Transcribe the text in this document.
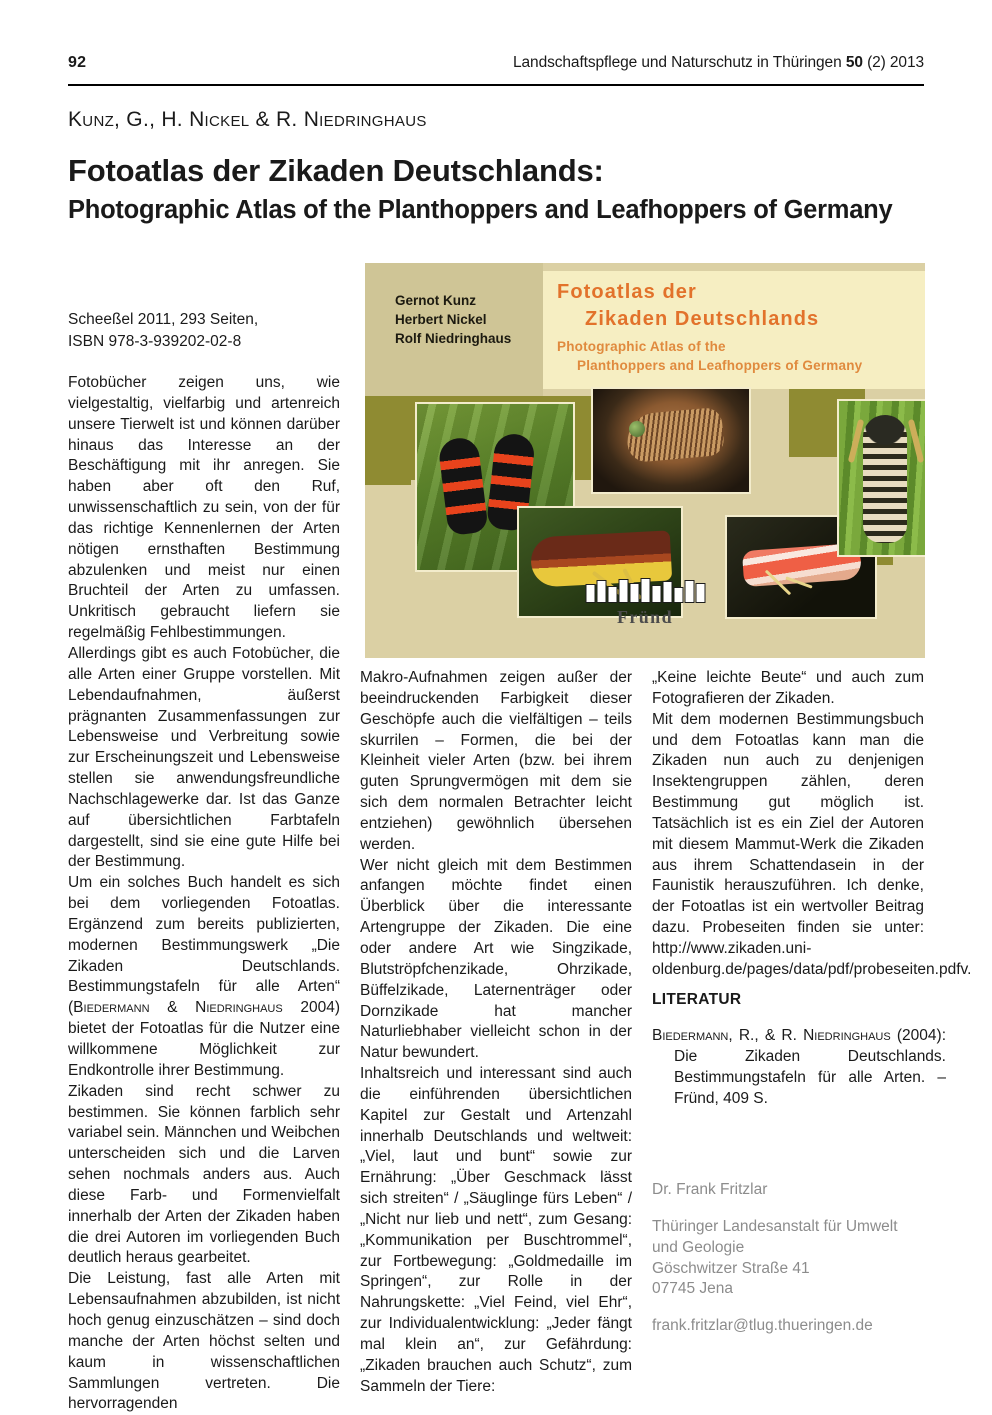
92	Landschaftspflege und Naturschutz in Thüringen 50 (2) 2013
Kunz, G., H. Nickel & R. Niedringhaus
Fotoatlas der Zikaden Deutschlands:
Photographic Atlas of the Planthoppers and Leafhoppers of Germany
Scheeßel 2011, 293 Seiten,
ISBN 978-3-939202-02-8
Fotoatlas der
Zikaden Deutschlands
Photographic Atlas of the
Planthoppers and Leafhoppers of Germany
Gernot Kunz
Herbert Nickel
Rolf Niedringhaus
Fründ

Fotobücher zeigen uns, wie vielgestaltig, vielfarbig und artenreich unsere Tierwelt ist und können darüber hinaus das Interesse an der Beschäftigung mit ihr anregen. Sie haben aber oft den Ruf, unwissenschaftlich zu sein, von der für das richtige Kennenlernen der Arten nötigen ernsthaften Bestimmung abzulenken und meist nur einen Bruchteil der Arten zu umfassen. Unkritisch gebraucht liefern sie regelmäßig Fehlbestimmungen.

Allerdings gibt es auch Fotobücher, die alle Arten einer Gruppe vorstellen. Mit Lebendaufnahmen, äußerst prägnanten Zusammenfassungen zur Lebensweise und Verbreitung sowie zur Erscheinungszeit und Lebensweise stellen sie anwendungsfreundliche Nachschlagewerke dar. Ist das Ganze auf übersichtlichen Farbtafeln dargestellt, sind sie eine gute Hilfe bei der Bestimmung.

Um ein solches Buch handelt es sich bei dem vorliegenden Fotoatlas. Ergänzend zum bereits publizierten, modernen Bestimmungswerk „Die Zikaden Deutschlands. Bestimmungstafeln für alle Arten“ (Biedermann & Niedringhaus 2004) bietet der Fotoatlas für die Nutzer eine willkommene Möglichkeit zur Endkontrolle ihrer Bestimmung.

Zikaden sind recht schwer zu bestimmen. Sie können farblich sehr variabel sein. Männchen und Weibchen unterscheiden sich und die Larven sehen nochmals anders aus. Auch diese Farb- und Formenvielfalt innerhalb der Arten der Zikaden haben die drei Autoren im vorliegenden Buch deutlich heraus gearbeitet.

Die Leistung, fast alle Arten mit Lebensaufnahmen abzubilden, ist nicht hoch genug einzuschätzen – sind doch manche der Arten höchst selten und kaum in wissenschaftlichen Sammlungen vertreten. Die hervorragenden

Makro-Aufnahmen zeigen außer der beeindruckenden Farbigkeit dieser Geschöpfe auch die vielfältigen – teils skurrilen – Formen, die bei der Kleinheit vieler Arten (bzw. bei ihrem guten Sprungvermögen mit dem sie sich dem normalen Betrachter leicht entziehen) gewöhnlich übersehen werden.

Wer nicht gleich mit dem Bestimmen anfangen möchte findet einen Überblick über die interessante Artengruppe der Zikaden. Die eine oder andere Art wie Singzikade, Blutströpfchenzikade, Ohrzikade, Büffelzikade, Laternenträger oder Dornzikade hat mancher Naturliebhaber vielleicht schon in der Natur bewundert.

Inhaltsreich und interessant sind auch die einführenden übersichtlichen Kapitel zur Gestalt und Artenzahl innerhalb Deutschlands und weltweit: „Viel, laut und bunt“ sowie zur Ernährung: „Über Geschmack lässt sich streiten“ / „Säuglinge fürs Leben“ / „Nicht nur lieb und nett“, zum Gesang: „Kommunikation per Buschtrommel“, zur Fortbewegung: „Goldmedaille im Springen“, zur Rolle in der Nahrungskette: „Viel Feind, viel Ehr“, zur Individualentwicklung: „Jeder fängt mal klein an“, zur Gefährdung: „Zikaden brauchen auch Schutz“, zum Sammeln der Tiere:

„Keine leichte Beute“ und auch zum Fotografieren der Zikaden.

Mit dem modernen Bestimmungsbuch und dem Fotoatlas kann man die Zikaden nun auch zu denjenigen Insektengruppen zählen, deren Bestimmung gut möglich ist. Tatsächlich ist es ein Ziel der Autoren mit diesem Mammut-Werk die Zikaden aus ihrem Schattendasein in der Faunistik herauszuführen. Ich denke, der Fotoatlas ist ein wertvoller Beitrag dazu. Probeseiten finden sie unter: http://www.zikaden.uni-oldenburg.de/pages/data/pdf/probeseiten.pdfv.

LITERATUR
Biedermann, R., & R. Niedringhaus (2004): Die Zikaden Deutschlands. Bestimmungstafeln für alle Arten. – Fründ, 409 S.
Dr. Frank Fritzlar
Thüringer Landesanstalt für Umwelt
und Geologie
Göschwitzer Straße 41
07745 Jena
frank.fritzlar@tlug.thueringen.de
